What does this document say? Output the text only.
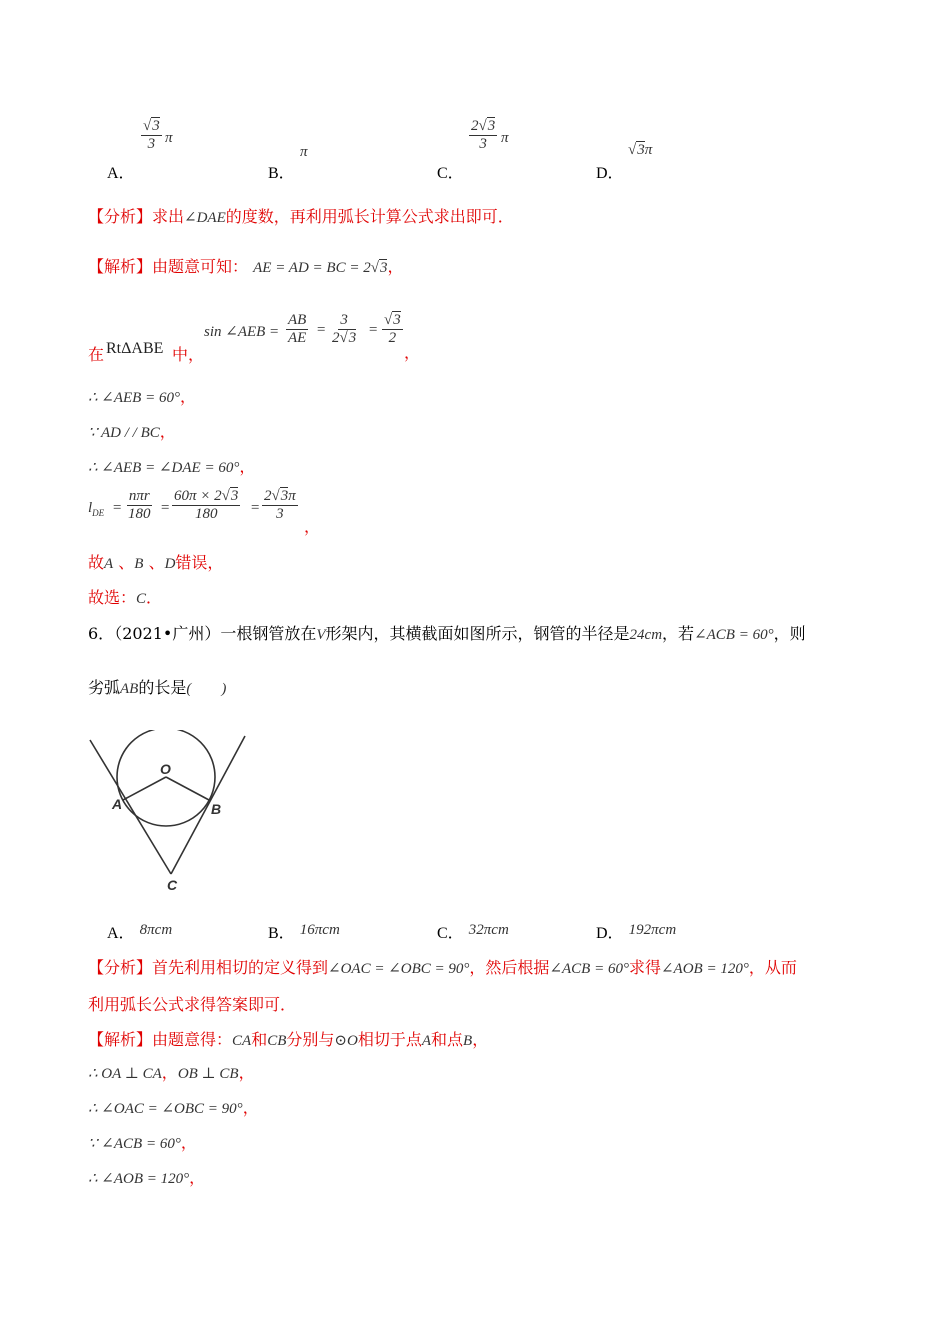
$\frac{√3}{3}$ π
A．	B．
π	$\frac{2√3}{3}$ π
C．	D．
√3π
【分析】求出∠DAE的度数，再利用弧长计算公式求出即可．
【解析】由题意可知： AE = AD = BC = 2√3，
在 RtΔABE 中，
sin ∠AEB = $\frac{AB}{AE} = \frac{3}{2√3} = \frac{√3}{2}$
，
∴ ∠AEB = 60°，
∵ AD / / BC，
∴ ∠AEB = ∠DAE = 60°，
$l_{DE}$ =
nπr
$180 = \frac{60\pi \times 2√3}{180} = \frac{2√3\pi}{3}$
，
故A 、B 、D错误，
故选：C．
6．（2021•广州）一根钢管放在V形架内，其横截面如图所示，钢管的半径是24cm，若∠ACB = 60°，则
劣弧AB的长是(　　)
O
A	B
C
A． 8πcm	B． 16πcm	C． 32πcm	D． 192πcm
【分析】首先利用相切的定义得到∠OAC = ∠OBC = 90°，然后根据∠ACB = 60°求得∠AOB = 120°，从而
利用弧长公式求得答案即可．
【解析】由题意得：CA和CB分别与⊙O相切于点A和点B，
∴ OA ⊥ CA，OB ⊥ CB，
∴ ∠OAC = ∠OBC = 90°，
∵ ∠ACB = 60°，
∴ ∠AOB = 120°，
